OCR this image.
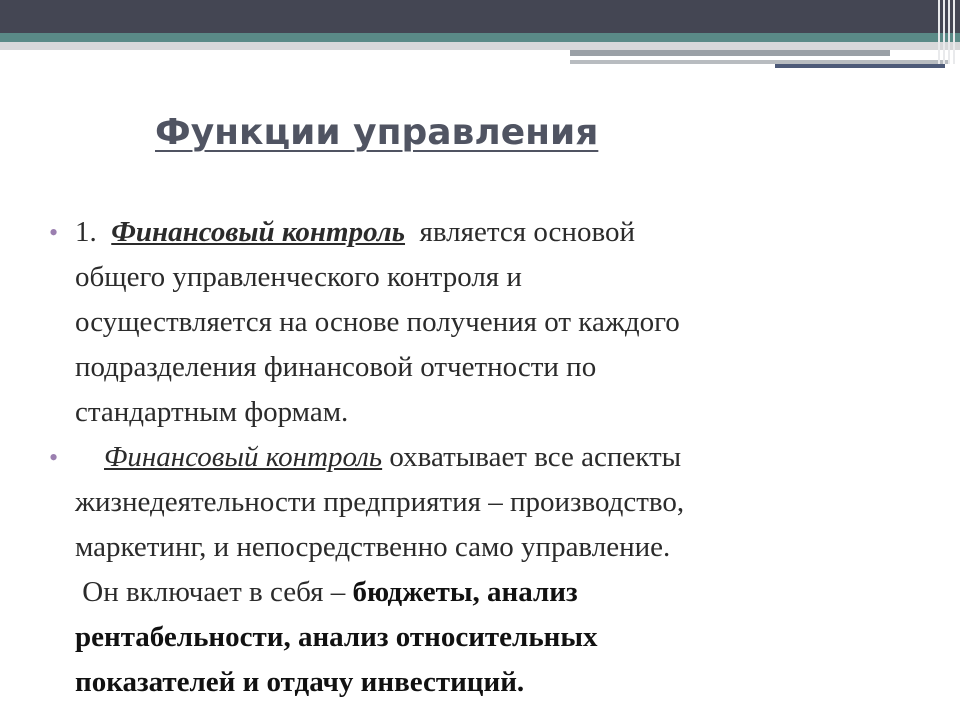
Функции управления

• 1. Финансовый контроль является основой
общего управленческого контроля и
осуществляется на основе получения от каждого
подразделения финансовой отчетности по
стандартным формам.

• Финансовый контроль охватывает все аспекты
жизнедеятельности предприятия – производство,
маркетинг, и непосредственно само управление.
Он включает в себя – бюджеты, анализ
рентабельности, анализ относительных
показателей и отдачу инвестиций.
